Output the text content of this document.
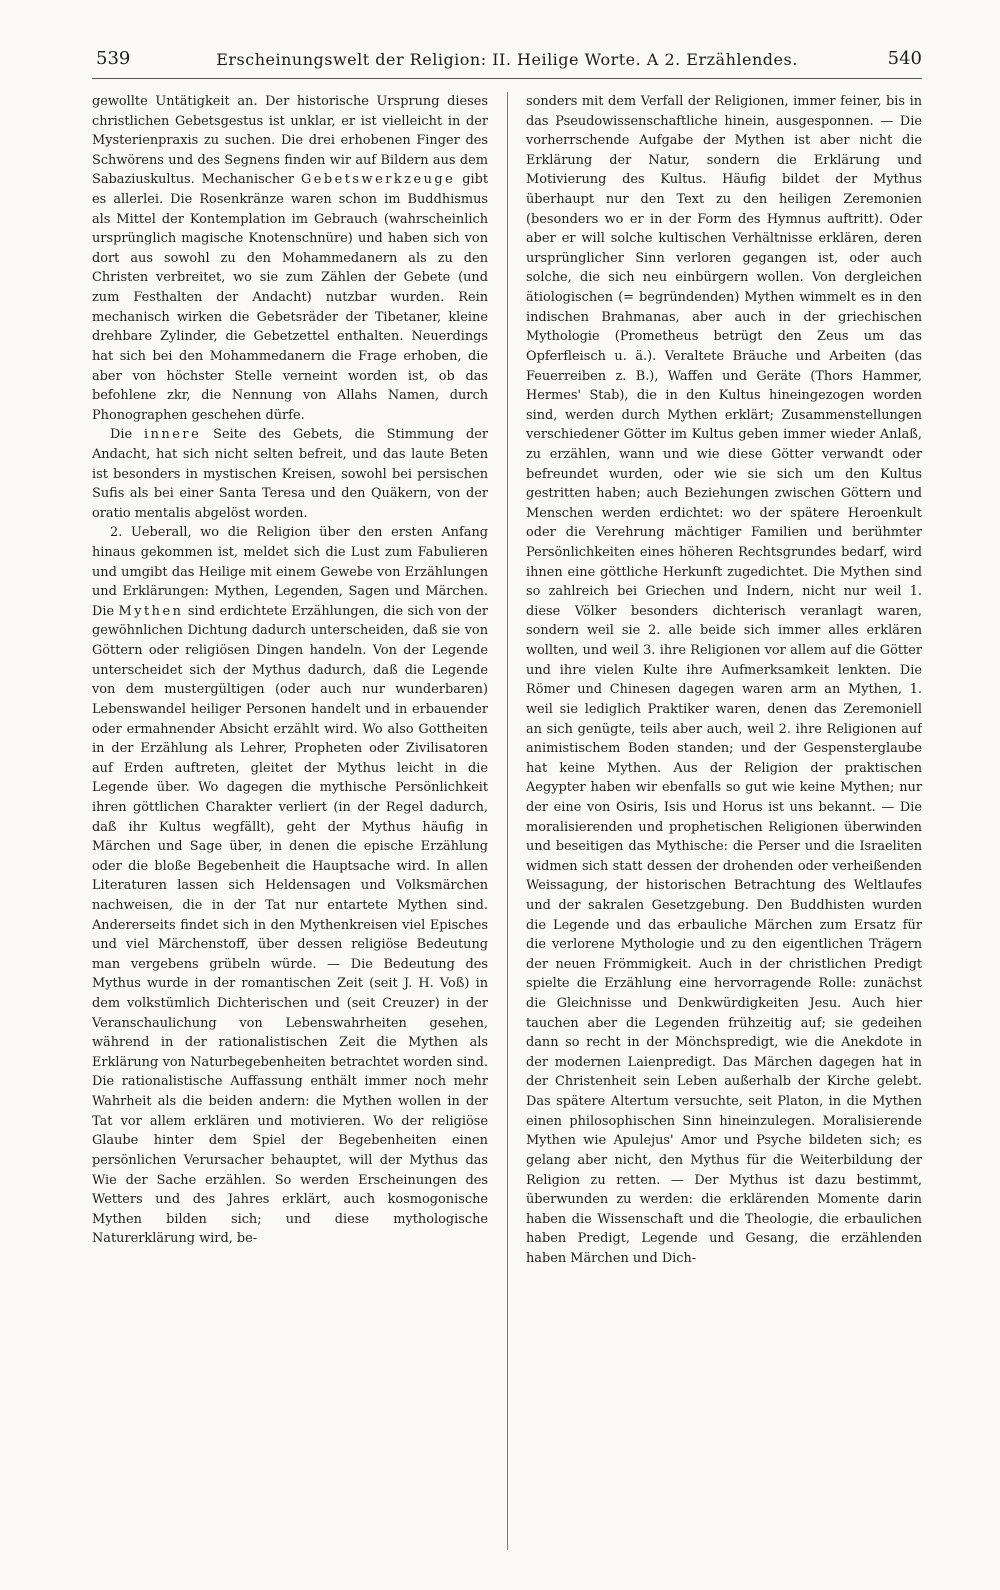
539	Erscheinungswelt der Religion: II. Heilige Worte. A 2. Erzählendes.	540

gewollte Untätigkeit an. Der historische Ursprung dieses christlichen Gebetsgestus ist unklar, er ist vielleicht in der Mysterienpraxis zu suchen. Die drei erhobenen Finger des Schwörens und des Segnens finden wir auf Bildern aus dem Sabaziuskultus. Mechanischer Gebetswerkzeuge gibt es allerlei. Die Rosenkränze waren schon im Buddhismus als Mittel der Kontemplation im Gebrauch (wahrscheinlich ursprünglich magische Knotenschnüre) und haben sich von dort aus sowohl zu den Mohammedanern als zu den Christen verbreitet, wo sie zum Zählen der Gebete (und zum Festhalten der Andacht) nutzbar wurden. Rein mechanisch wirken die Gebetsräder der Tibetaner, kleine drehbare Zylinder, die Gebetzettel enthalten. Neuerdings hat sich bei den Mohammedanern die Frage erhoben, die aber von höchster Stelle verneint worden ist, ob das befohlene zkr, die Nennung von Allahs Namen, durch Phonographen geschehen dürfe.

Die innere Seite des Gebets, die Stimmung der Andacht, hat sich nicht selten befreit, und das laute Beten ist besonders in mystischen Kreisen, sowohl bei persischen Sufis als bei einer Santa Teresa und den Quäkern, von der oratio mentalis abgelöst worden.

2. Ueberall, wo die Religion über den ersten Anfang hinaus gekommen ist, meldet sich die Lust zum Fabulieren und umgibt das Heilige mit einem Gewebe von Erzählungen und Erklärungen: Mythen, Legenden, Sagen und Märchen. Die Mythen sind erdichtete Erzählungen, die sich von der gewöhnlichen Dichtung dadurch unterscheiden, daß sie von Göttern oder religiösen Dingen handeln. Von der Legende unterscheidet sich der Mythus dadurch, daß die Legende von dem mustergültigen (oder auch nur wunderbaren) Lebenswandel heiliger Personen handelt und in erbauender oder ermahnender Absicht erzählt wird. Wo also Gottheiten in der Erzählung als Lehrer, Propheten oder Zivilisatoren auf Erden auftreten, gleitet der Mythus leicht in die Legende über. Wo dagegen die mythische Persönlichkeit ihren göttlichen Charakter verliert (in der Regel dadurch, daß ihr Kultus wegfällt), geht der Mythus häufig in Märchen und Sage über, in denen die epische Erzählung oder die bloße Begebenheit die Hauptsache wird. In allen Literaturen lassen sich Heldensagen und Volksmärchen nachweisen, die in der Tat nur entartete Mythen sind. Andererseits findet sich in den Mythenkreisen viel Episches und viel Märchenstoff, über dessen religiöse Bedeutung man vergebens grübeln würde. — Die Bedeutung des Mythus wurde in der romantischen Zeit (seit J. H. Voß) in dem volkstümlich Dichterischen und (seit Creuzer) in der Veranschaulichung von Lebenswahrheiten gesehen, während in der rationalistischen Zeit die Mythen als Erklärung von Naturbegebenheiten betrachtet worden sind. Die rationalistische Auffassung enthält immer noch mehr Wahrheit als die beiden andern: die Mythen wollen in der Tat vor allem erklären und motivieren. Wo der religiöse Glaube hinter dem Spiel der Begebenheiten einen persönlichen Verursacher behauptet, will der Mythus das Wie der Sache erzählen. So werden Erscheinungen des Wetters und des Jahres erklärt, auch kosmogonische Mythen bilden sich; und diese mythologische Naturerklärung wird, be-

sonders mit dem Verfall der Religionen, immer feiner, bis in das Pseudowissenschaftliche hinein, ausgesponnen. — Die vorherrschende Aufgabe der Mythen ist aber nicht die Erklärung der Natur, sondern die Erklärung und Motivierung des Kultus. Häufig bildet der Mythus überhaupt nur den Text zu den heiligen Zeremonien (besonders wo er in der Form des Hymnus auftritt). Oder aber er will solche kultischen Verhältnisse erklären, deren ursprünglicher Sinn verloren gegangen ist, oder auch solche, die sich neu einbürgern wollen. Von dergleichen ätiologischen (= begründenden) Mythen wimmelt es in den indischen Brahmanas, aber auch in der griechischen Mythologie (Prometheus betrügt den Zeus um das Opferfleisch u. ä.). Veraltete Bräuche und Arbeiten (das Feuerreiben z. B.), Waffen und Geräte (Thors Hammer, Hermes' Stab), die in den Kultus hineingezogen worden sind, werden durch Mythen erklärt; Zusammenstellungen verschiedener Götter im Kultus geben immer wieder Anlaß, zu erzählen, wann und wie diese Götter verwandt oder befreundet wurden, oder wie sie sich um den Kultus gestritten haben; auch Beziehungen zwischen Göttern und Menschen werden erdichtet: wo der spätere Heroenkult oder die Verehrung mächtiger Familien und berühmter Persönlichkeiten eines höheren Rechtsgrundes bedarf, wird ihnen eine göttliche Herkunft zugedichtet. Die Mythen sind so zahlreich bei Griechen und Indern, nicht nur weil 1. diese Völker besonders dichterisch veranlagt waren, sondern weil sie 2. alle beide sich immer alles erklären wollten, und weil 3. ihre Religionen vor allem auf die Götter und ihre vielen Kulte ihre Aufmerksamkeit lenkten. Die Römer und Chinesen dagegen waren arm an Mythen, 1. weil sie lediglich Praktiker waren, denen das Zeremoniell an sich genügte, teils aber auch, weil 2. ihre Religionen auf animistischem Boden standen; und der Gespensterglaube hat keine Mythen. Aus der Religion der praktischen Aegypter haben wir ebenfalls so gut wie keine Mythen; nur der eine von Osiris, Isis und Horus ist uns bekannt. — Die moralisierenden und prophetischen Religionen überwinden und beseitigen das Mythische: die Perser und die Israeliten widmen sich statt dessen der drohenden oder verheißenden Weissagung, der historischen Betrachtung des Weltlaufes und der sakralen Gesetzgebung. Den Buddhisten wurden die Legende und das erbauliche Märchen zum Ersatz für die verlorene Mythologie und zu den eigentlichen Trägern der neuen Frömmigkeit. Auch in der christlichen Predigt spielte die Erzählung eine hervorragende Rolle: zunächst die Gleichnisse und Denkwürdigkeiten Jesu. Auch hier tauchen aber die Legenden frühzeitig auf; sie gedeihen dann so recht in der Mönchspredigt, wie die Anekdote in der modernen Laienpredigt. Das Märchen dagegen hat in der Christenheit sein Leben außerhalb der Kirche gelebt. Das spätere Altertum versuchte, seit Platon, in die Mythen einen philosophischen Sinn hineinzulegen. Moralisierende Mythen wie Apulejus' Amor und Psyche bildeten sich; es gelang aber nicht, den Mythus für die Weiterbildung der Religion zu retten. — Der Mythus ist dazu bestimmt, überwunden zu werden: die erklärenden Momente darin haben die Wissenschaft und die Theologie, die erbaulichen haben Predigt, Legende und Gesang, die erzählenden haben Märchen und Dich-
